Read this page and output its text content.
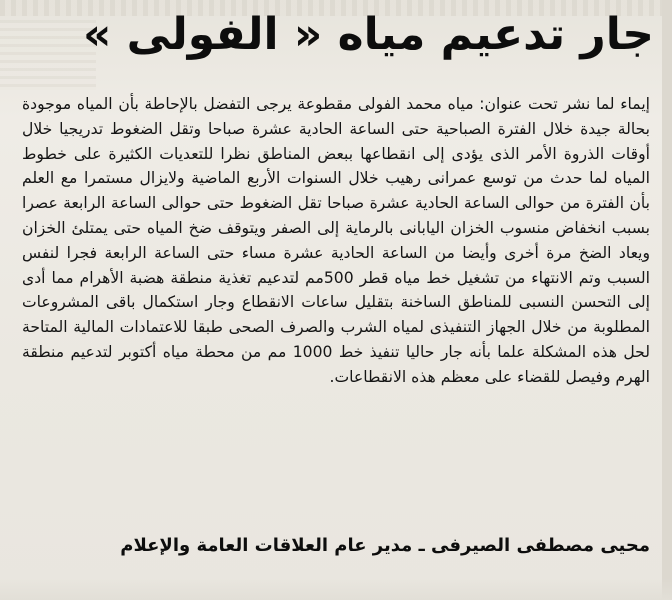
جار تدعيم مياه « الفولى »

إيماء لما نشر تحت عنوان: مياه محمد الفولى مقطوعة يرجى التفضل بالإحاطة بأن المياه موجودة بحالة جيدة خلال الفترة الصباحية حتى الساعة الحادية عشرة صباحا وتقل الضغوط تدريجيا خلال أوقات الذروة الأمر الذى يؤدى إلى انقطاعها ببعض المناطق نظرا للتعديات الكثيرة على خطوط المياه لما حدث من توسع عمرانى رهيب خلال السنوات الأربع الماضية ولايزال مستمرا مع العلم بأن الفترة من حوالى الساعة الحادية عشرة صباحا تقل الضغوط حتى حوالى الساعة الرابعة عصرا بسبب انخفاض منسوب الخزان اليابانى بالرماية إلى الصفر ويتوقف ضخ المياه حتى يمتلئ الخزان ويعاد الضخ مرة أخرى وأيضا من الساعة الحادية عشرة مساء حتى الساعة الرابعة فجرا لنفس السبب وتم الانتهاء من تشغيل خط مياه قطر 500مم لتدعيم تغذية منطقة هضبة الأهرام مما أدى إلى التحسن النسبى للمناطق الساخنة بتقليل ساعات الانقطاع وجار استكمال باقى المشروعات المطلوبة من خلال الجهاز التنفيذى لمياه الشرب والصرف الصحى طبقا للاعتمادات المالية المتاحة لحل هذه المشكلة علما بأنه جار حاليا تنفيذ خط 1000 مم من محطة مياه أكتوبر لتدعيم منطقة الهرم وفيصل للقضاء على معظم هذه الانقطاعات.

محيى مصطفى الصيرفى ـ مدير عام العلاقات العامة والإعلام
